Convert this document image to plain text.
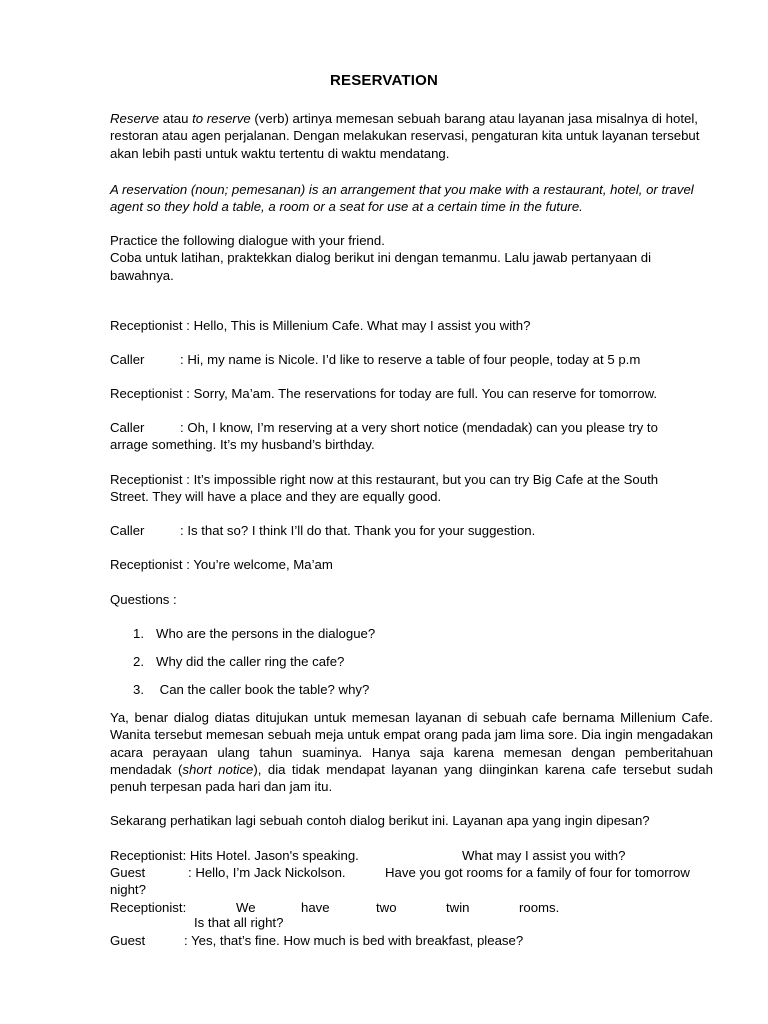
RESERVATION
Reserve atau to reserve (verb) artinya memesan sebuah barang atau layanan jasa misalnya di hotel, restoran atau agen perjalanan. Dengan melakukan reservasi, pengaturan kita untuk layanan tersebut akan lebih pasti untuk waktu tertentu di waktu mendatang.
A reservation (noun; pemesanan) is an arrangement that you make with a restaurant, hotel, or travel agent so they hold a table, a room or a seat for use at a certain time in the future.
Practice the following dialogue with your friend.
Coba untuk latihan, praktekkan dialog berikut ini dengan temanmu. Lalu jawab pertanyaan di bawahnya.
Receptionist : Hello, This is Millenium Cafe. What may I assist you with?
Caller	: Hi, my name is Nicole. I’d like to reserve a table of four people, today at 5 p.m
Receptionist : Sorry, Ma’am. The reservations for today are full. You can reserve for tomorrow.
Caller	: Oh, I know, I’m reserving at a very short notice (mendadak) can you please try to
arrage something. It’s my husband’s birthday.
Receptionist : It’s impossible right now at this restaurant, but you can try Big Cafe at the South
Street. They will have a place and they are equally good.
Caller	: Is that so? I think I’ll do that. Thank you for your suggestion.
Receptionist : You’re welcome, Ma’am
Questions :
1. Who are the persons in the dialogue?
2. Why did the caller ring the cafe?
3. Can the caller book the table? why?
Ya, benar dialog diatas ditujukan untuk memesan layanan di sebuah cafe bernama Millenium Cafe. Wanita tersebut memesan sebuah meja untuk empat orang pada jam lima sore. Dia ingin mengadakan acara perayaan ulang tahun suaminya. Hanya saja karena memesan dengan pemberitahuan mendadak (short notice), dia tidak mendapat layanan yang diinginkan karena cafe tersebut sudah penuh terpesan pada hari dan jam itu.
Sekarang perhatikan lagi sebuah contoh dialog berikut ini. Layanan apa yang ingin dipesan?
Receptionist: Hits Hotel. Jason's speaking.	What may I assist you with?
Guest	: Hello, I’m Jack Nickolson.	Have you got rooms for a family of four for tomorrow
night?
Receptionist:	We	have	two	twin	rooms.
Is that all right?
Guest	: Yes, that’s fine. How much is bed with breakfast, please?
